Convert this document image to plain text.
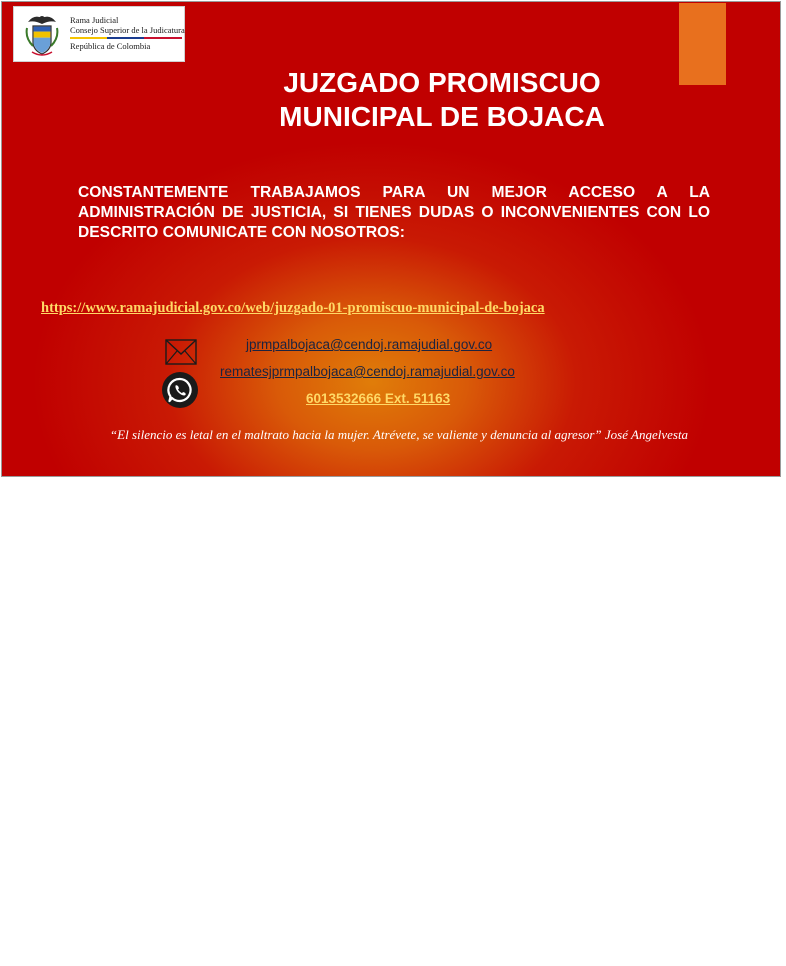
Rama Judicial
Consejo Superior de la Judicatura
República de Colombia
JUZGADO PROMISCUO
MUNICIPAL DE BOJACA
CONSTANTEMENTE TRABAJAMOS PARA UN MEJOR ACCESO A LA ADMINISTRACIÓN DE JUSTICIA, SI TIENES DUDAS O INCONVENIENTES CON LO DESCRITO COMUNICATE CON NOSOTROS:
https://www.ramajudicial.gov.co/web/juzgado-01-promiscuo-municipal-de-bojaca
jprmpalbojaca@cendoj.ramajudial.gov.co
rematesjprmpalbojaca@cendoj.ramajudial.gov.co
6013532666 Ext. 51163
“El silencio es letal en el maltrato hacia la mujer. Atrévete, se valiente y denuncia al agresor” José Angelvesta
